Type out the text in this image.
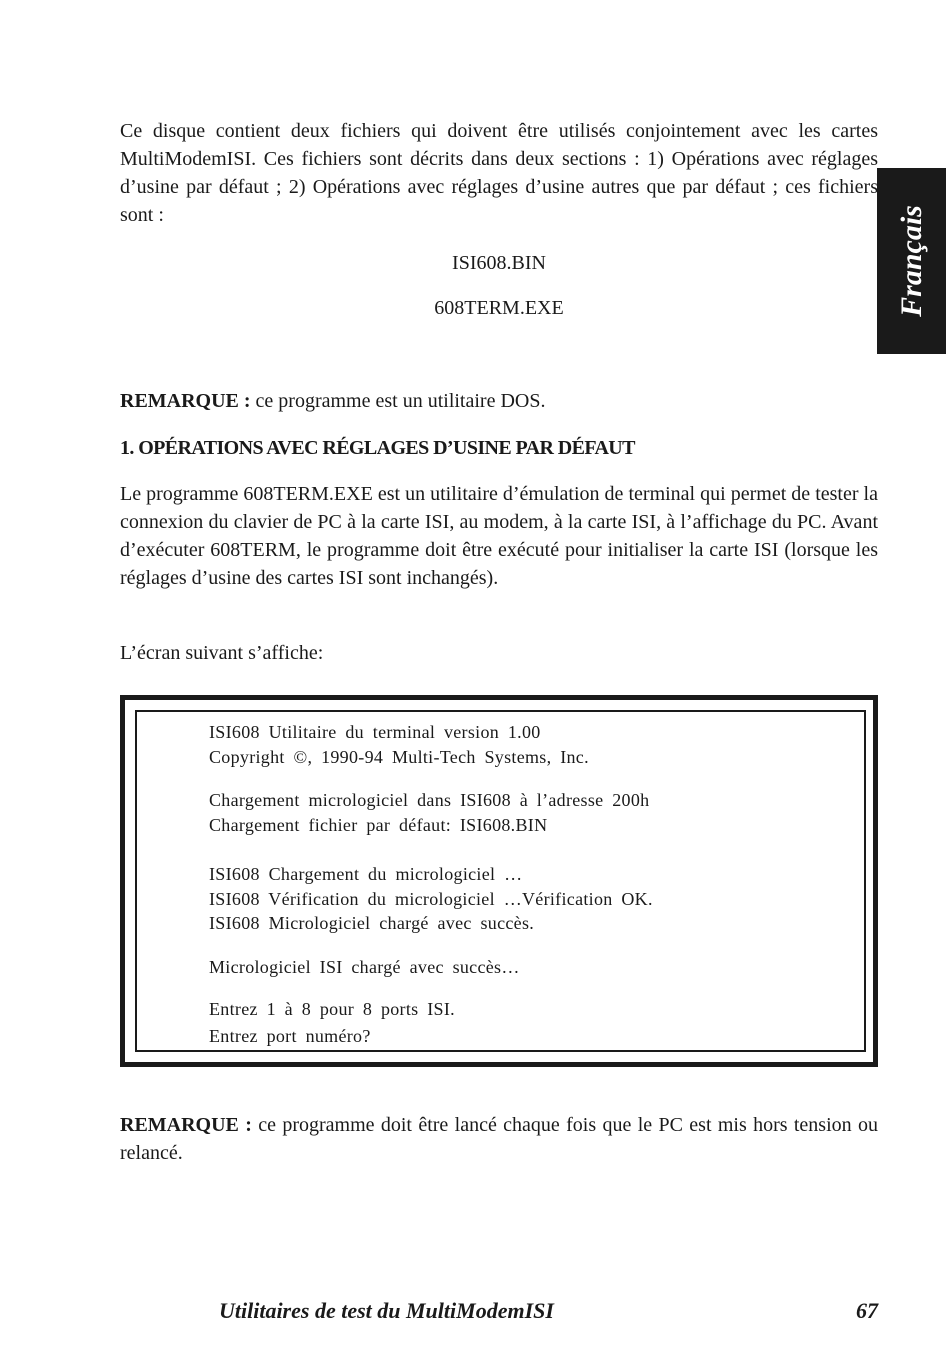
Français
Ce disque contient deux fichiers qui doivent être utilisés conjointement avec les cartes MultiModemISI. Ces fichiers sont décrits dans deux sections : 1) Opérations avec réglages d’usine par défaut ; 2) Opérations avec réglages d’usine autres que par défaut ; ces fichiers sont :
ISI608.BIN
608TERM.EXE
REMARQUE : ce programme est un utilitaire DOS.
1. OPÉRATIONS AVEC RÉGLAGES D’USINE PAR DÉFAUT
Le programme 608TERM.EXE est un utilitaire d’émulation de terminal qui permet de tester la connexion du clavier de PC à la carte ISI, au modem, à la carte ISI, à l’affichage du PC. Avant d’exécuter 608TERM, le programme doit être exécuté pour initialiser la carte ISI (lorsque les réglages d’usine des cartes ISI sont inchangés).
L’écran suivant s’affiche:
ISI608 Utilitaire du terminal version 1.00
Copyright ©, 1990-94 Multi-Tech Systems, Inc.
Chargement micrologiciel dans ISI608 à l’adresse 200h
Chargement fichier par défaut: ISI608.BIN
ISI608 Chargement du micrologiciel …
ISI608 Vérification du micrologiciel …Vérification OK.
ISI608 Micrologiciel chargé avec succès.
Micrologiciel ISI chargé avec succès…
Entrez 1 à 8 pour 8 ports ISI.
Entrez port numéro?
REMARQUE : ce programme doit être lancé chaque fois que le PC est mis hors tension ou relancé.
Utilitaires de test du MultiModemISI	67
